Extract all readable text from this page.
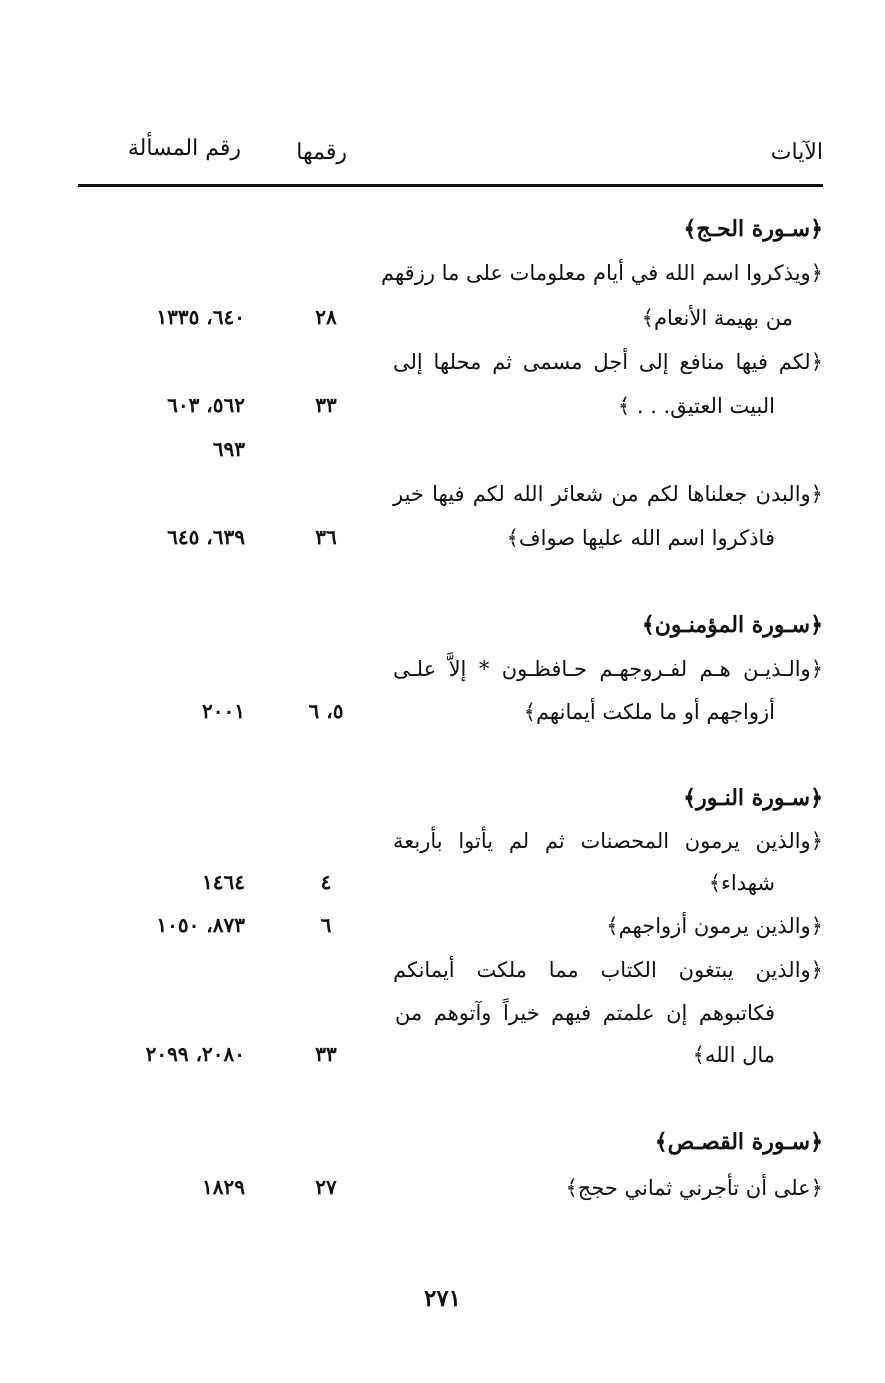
الآيات
رقمها
رقم المسألة
﴿سـورة الحـج﴾
﴿ويذكروا اسم الله في أيام معلومات على ما رزقهم
من بهيمة الأنعام﴾
٢٨
٦٤٠، ١٣٣٥
﴿لكم فيها منافع إلى أجل مسمى ثم محلها إلى
البيت العتيق. . . ﴾
٣٣
٥٦٢، ٦٠٣
٦٩٣
﴿والبدن جعلناها لكم من شعائر الله لكم فيها خير
فاذكروا اسم الله عليها صواف﴾
٣٦
٦٣٩، ٦٤٥
﴿سـورة المؤمنـون﴾
﴿والـذيـن هـم لفـروجهـم حـافظـون * إلاَّ علـى
أزواجهم أو ما ملكت أيمانهم﴾
٥، ٦
٢٠٠١
﴿سـورة النـور﴾
﴿والذين يرمون المحصنات ثم لم يأتوا بأربعة
شهداء﴾
٤
١٤٦٤
﴿والذين يرمون أزواجهم﴾
٦
٨٧٣، ١٠٥٠
﴿والذين يبتغون الكتاب مما ملكت أيمانكم
فكاتبوهم إن علمتم فيهم خيراً وآتوهم من
مال الله﴾
٣٣
٢٠٨٠، ٢٠٩٩
﴿سـورة القصـص﴾
﴿على أن تأجرني ثماني حجج﴾
٢٧
١٨٢٩
٢٧١
